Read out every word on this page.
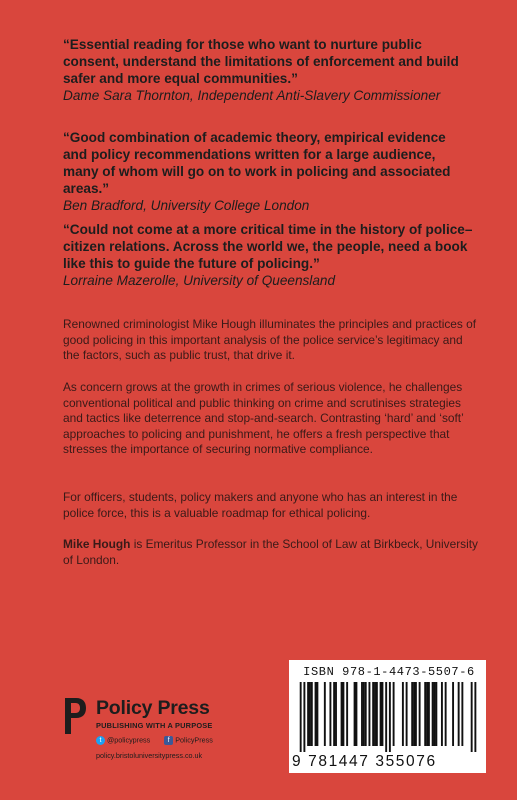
“Essential reading for those who want to nurture public consent, understand the limitations of enforcement and build safer and more equal communities.”

Dame Sara Thornton, Independent Anti-Slavery Commissioner

“Good combination of academic theory, empirical evidence and policy recommendations written for a large audience, many of whom will go on to work in policing and associated areas.”

Ben Bradford, University College London

“Could not come at a more critical time in the history of police–citizen relations. Across the world we, the people, need a book like this to guide the future of policing.”

Lorraine Mazerolle, University of Queensland

Renowned criminologist Mike Hough illuminates the principles and practices of good policing in this important analysis of the police service’s legitimacy and the factors, such as public trust, that drive it.

As concern grows at the growth in crimes of serious violence, he challenges conventional political and public thinking on crime and scrutinises strategies and tactics like deterrence and stop-and-search. Contrasting ‘hard’ and ‘soft’ approaches to policing and punishment, he offers a fresh perspective that stresses the importance of securing normative compliance.

For officers, students, policy makers and anyone who has an interest in the police force, this is a valuable roadmap for ethical policing.

Mike Hough is Emeritus Professor in the School of Law at Birkbeck, University of London.

Policy Press
PUBLISHING WITH A PURPOSE
t @policypress	f PolicyPress
policy.bristoluniversitypress.co.uk
ISBN 978-1-4473-5507-6
9 781447 355076
